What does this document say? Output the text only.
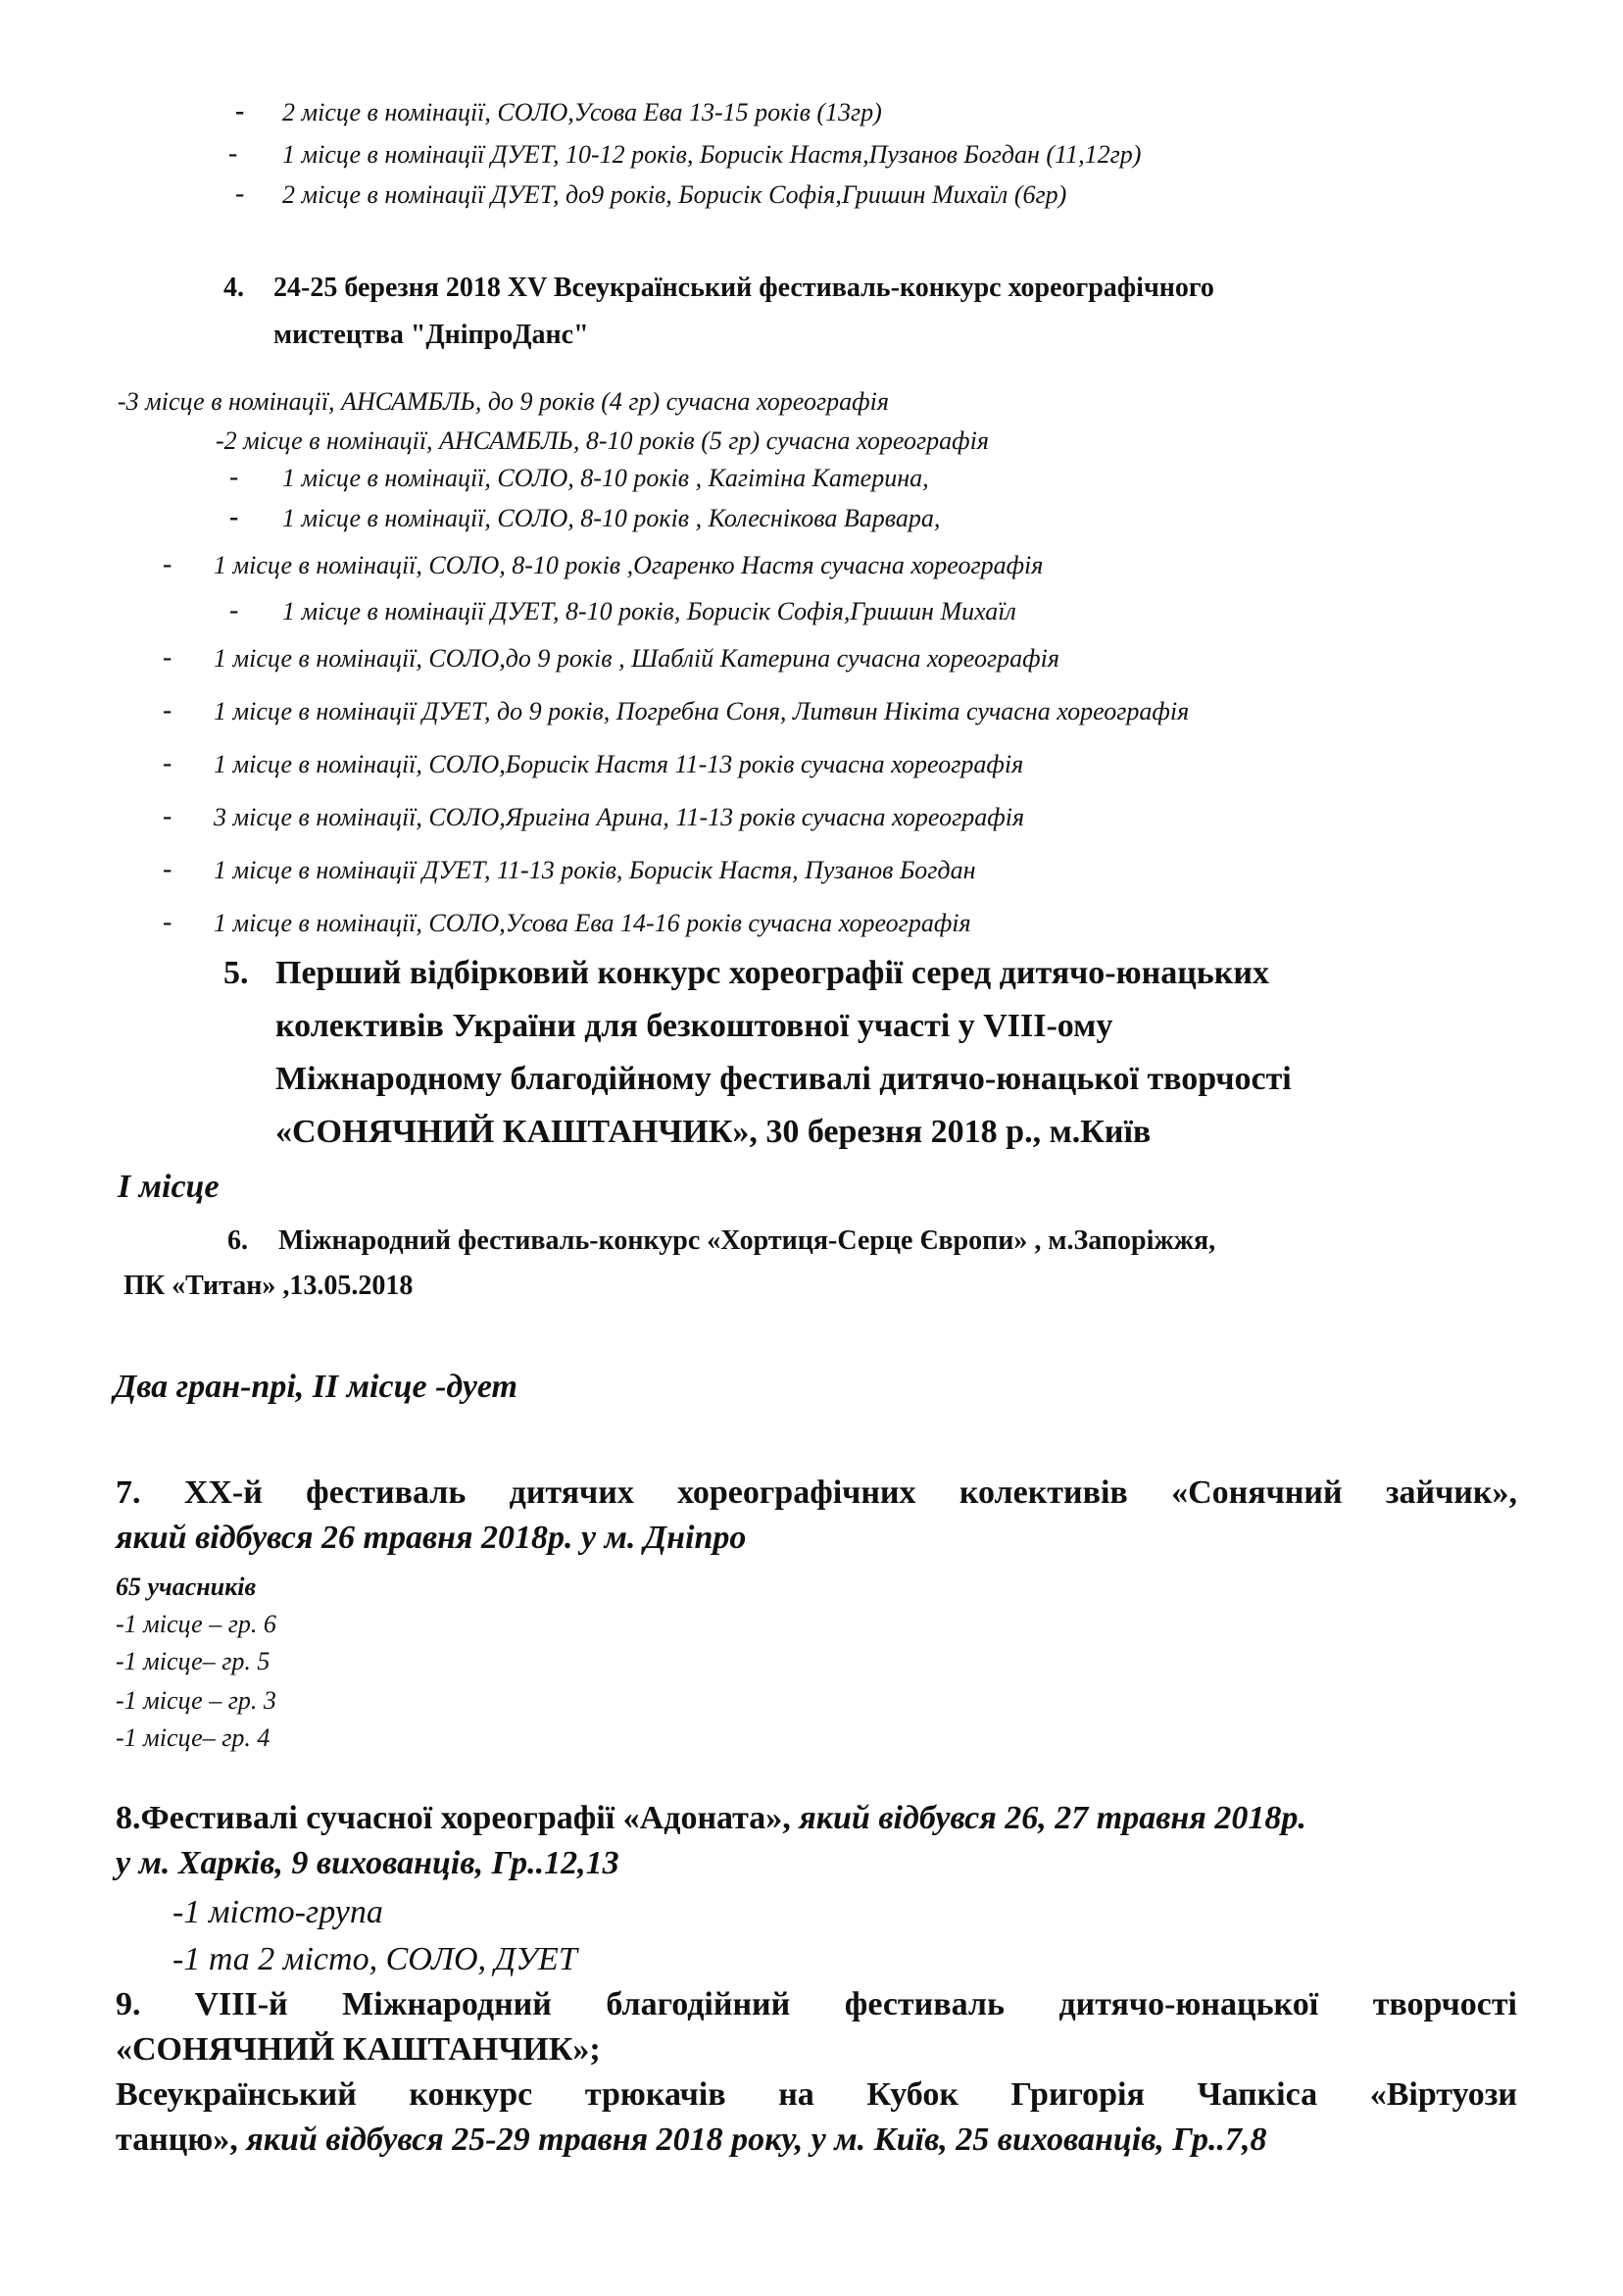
- 2 місце в номінації, СОЛО,Усова Ева 13-15 років (13гр)
- 1 місце в номінації ДУЕТ, 10-12 років, Борисік Настя,Пузанов Богдан (11,12гр)
- 2 місце в номінації ДУЕТ, до9 років, Борисік Софія,Гришин Михаїл (6гр)
4. 24-25 березня 2018 XV Всеукраїнський фестиваль-конкурс хореографічного
мистецтва "ДніпроДанс"
-3 місце в номінації, АНСАМБЛЬ, до 9 років (4 гр) сучасна хореографія
-2 місце в номінації, АНСАМБЛЬ, 8-10 років (5 гр) сучасна хореографія
- 1 місце в номінації, СОЛО, 8-10 років , Кагітіна Катерина,
- 1 місце в номінації, СОЛО, 8-10 років , Колеснікова Варвара,
- 1 місце в номінації, СОЛО, 8-10 років ,Огаренко Настя сучасна хореографія
- 1 місце в номінації ДУЕТ, 8-10 років, Борисік Софія,Гришин Михаїл
- 1 місце в номінації, СОЛО,до 9 років , Шаблій Катерина сучасна хореографія
- 1 місце в номінації ДУЕТ, до 9 років, Погребна Соня, Литвин Нікіта сучасна хореографія
- 1 місце в номінації, СОЛО,Борисік Настя 11-13 років сучасна хореографія
- 3 місце в номінації, СОЛО,Яригіна Арина, 11-13 років сучасна хореографія
- 1 місце в номінації ДУЕТ, 11-13 років, Борисік Настя, Пузанов Богдан
- 1 місце в номінації, СОЛО,Усова Ева 14-16 років сучасна хореографія
5. Перший відбірковий конкурс хореографії серед дитячо-юнацьких
колективів України для безкоштовної участі у VIII-ому
Міжнародному благодійному фестивалі дитячо-юнацької творчості
«СОНЯЧНИЙ КАШТАНЧИК», 30 березня 2018 р., м.Київ
І місце
6. Міжнародний фестиваль-конкурс «Хортиця-Серце Європи» , м.Запоріжжя,
ПК «Титан» ,13.05.2018
Два гран-прі, ІІ місце -дует
7. XX-й фестиваль дитячих хореографічних колективів «Сонячний зайчик»,
який відбувся 26 травня 2018р. у м. Дніпро
65 учасників
-1 місце – гр. 6
-1 місце– гр. 5
-1 місце – гр. 3
-1 місце– гр. 4
8.Фестивалі сучасної хореографії «Адоната», який відбувся 26, 27 травня 2018р.
у м. Харків, 9 вихованців, Гр..12,13
-1 місто-група
-1 та 2 місто, СОЛО, ДУЕТ
9. VIII-й Міжнародний благодійний фестиваль дитячо-юнацької творчості
«СОНЯЧНИЙ КАШТАНЧИК»;
Всеукраїнський конкурс трюкачів на Кубок Григорія Чапкіса «Віртуози
танцю», який відбувся 25-29 травня 2018 року, у м. Київ, 25 вихованців, Гр..7,8
